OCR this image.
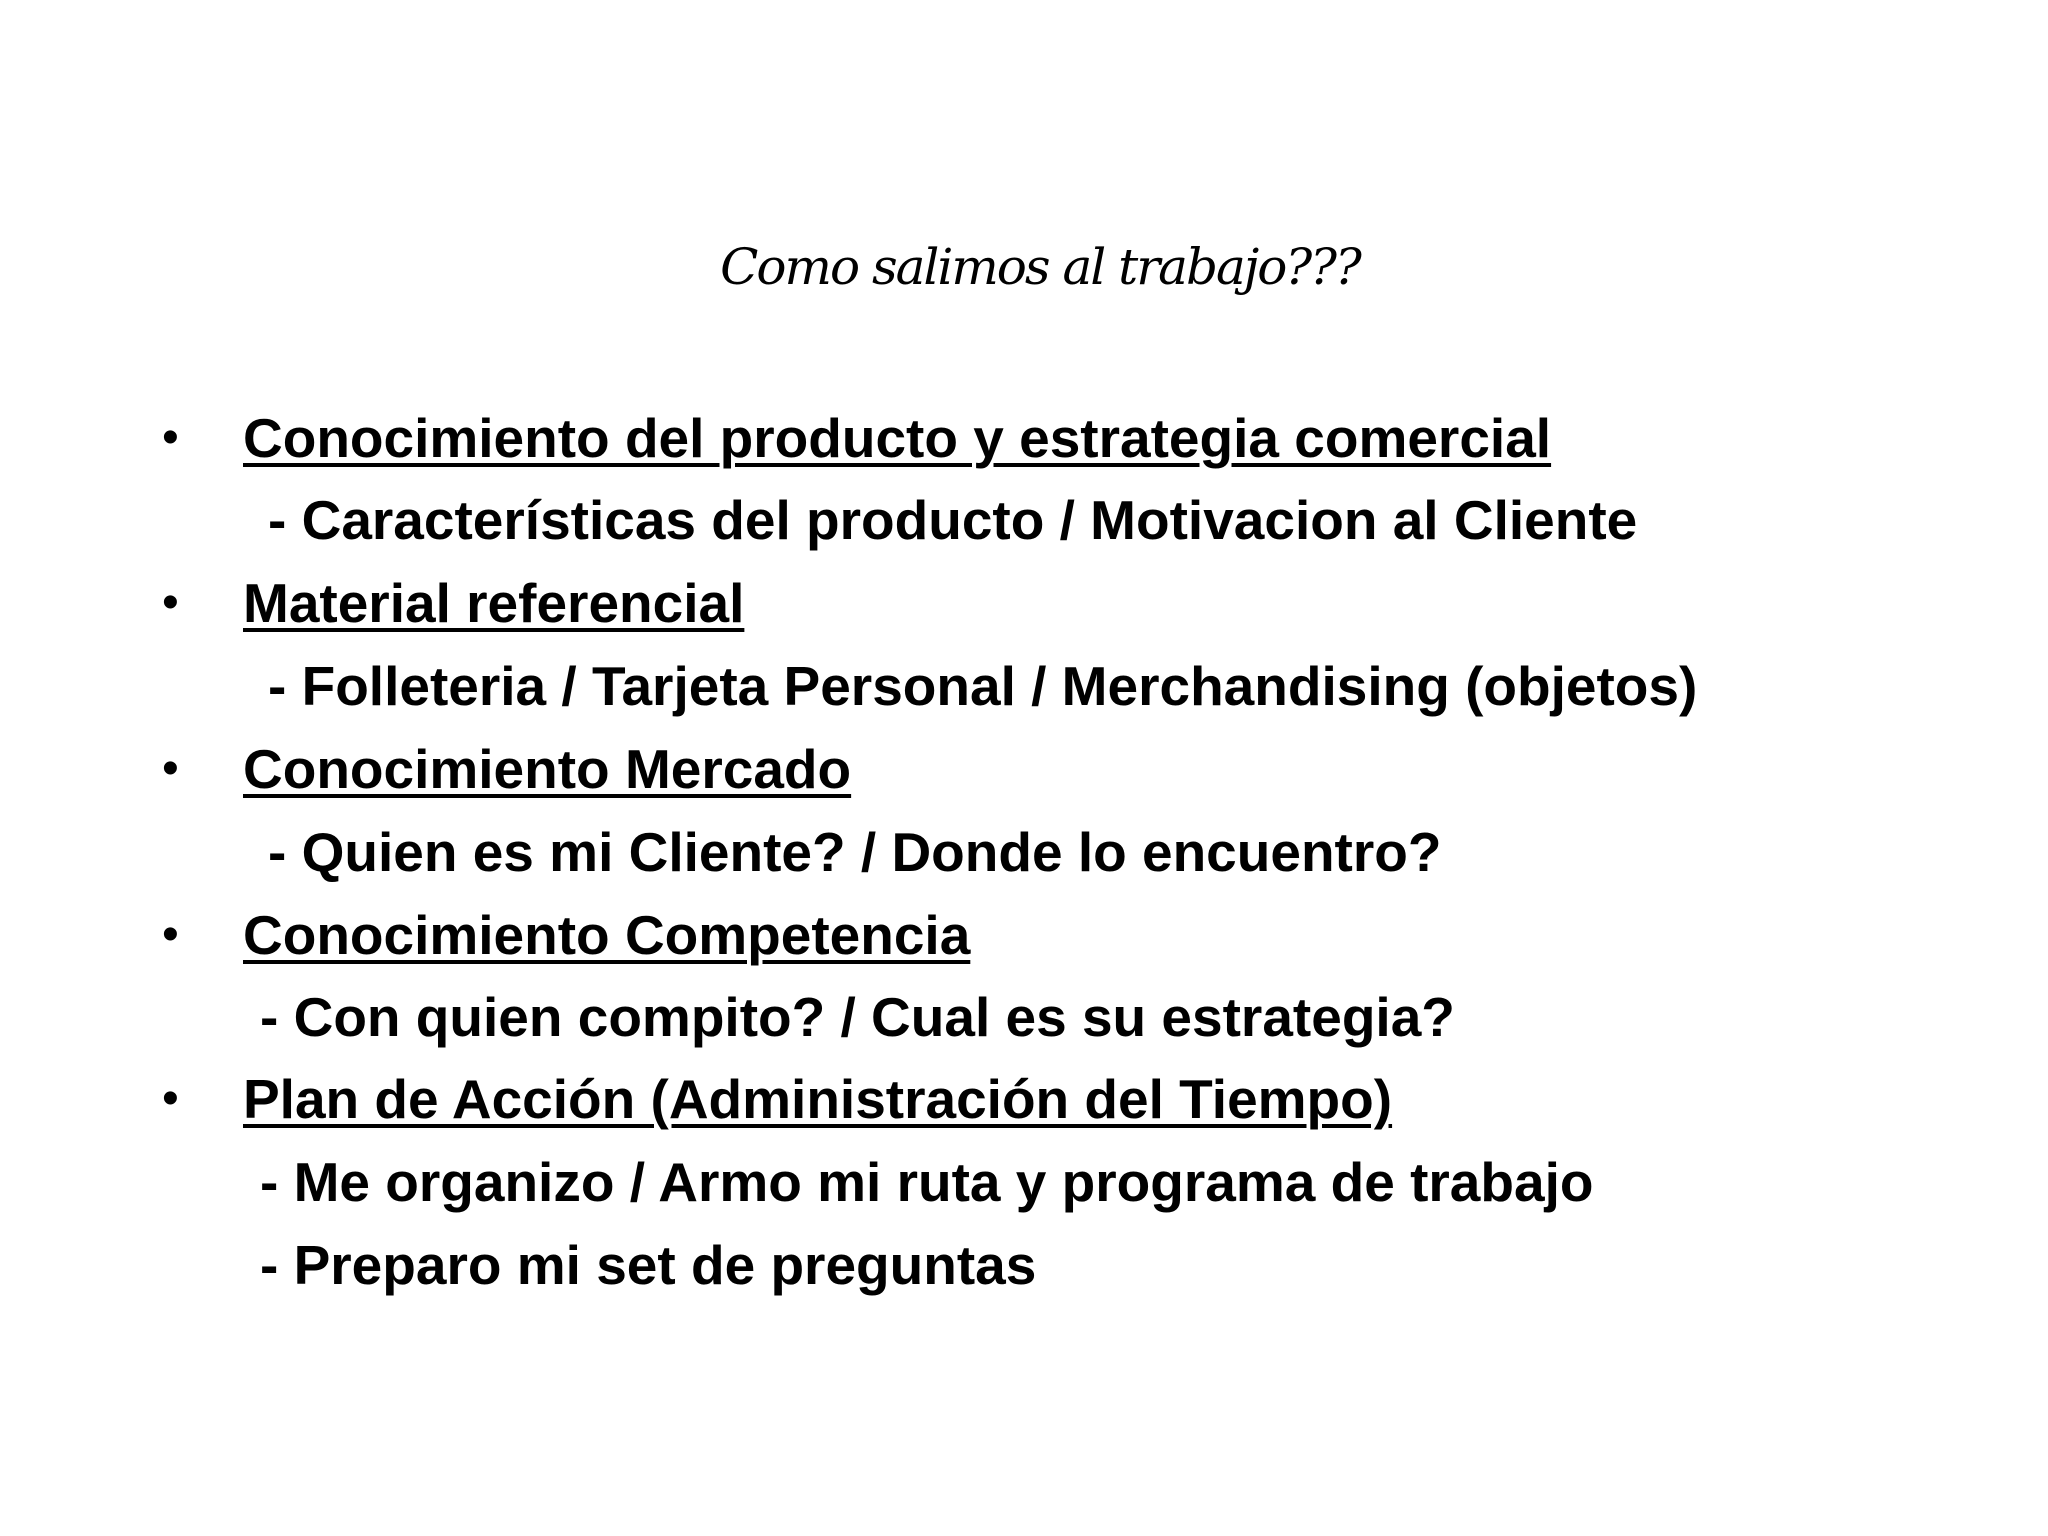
Como salimos al trabajo???
• Conocimiento del producto y estrategia comercial
- Características del producto / Motivacion al Cliente
• Material referencial
- Folleteria / Tarjeta Personal / Merchandising (objetos)
• Conocimiento Mercado
- Quien es mi Cliente? / Donde lo encuentro?
• Conocimiento Competencia
- Con quien compito? / Cual es su estrategia?
• Plan de Acción (Administración del Tiempo)
- Me organizo / Armo mi ruta y programa de trabajo
- Preparo mi set de preguntas
